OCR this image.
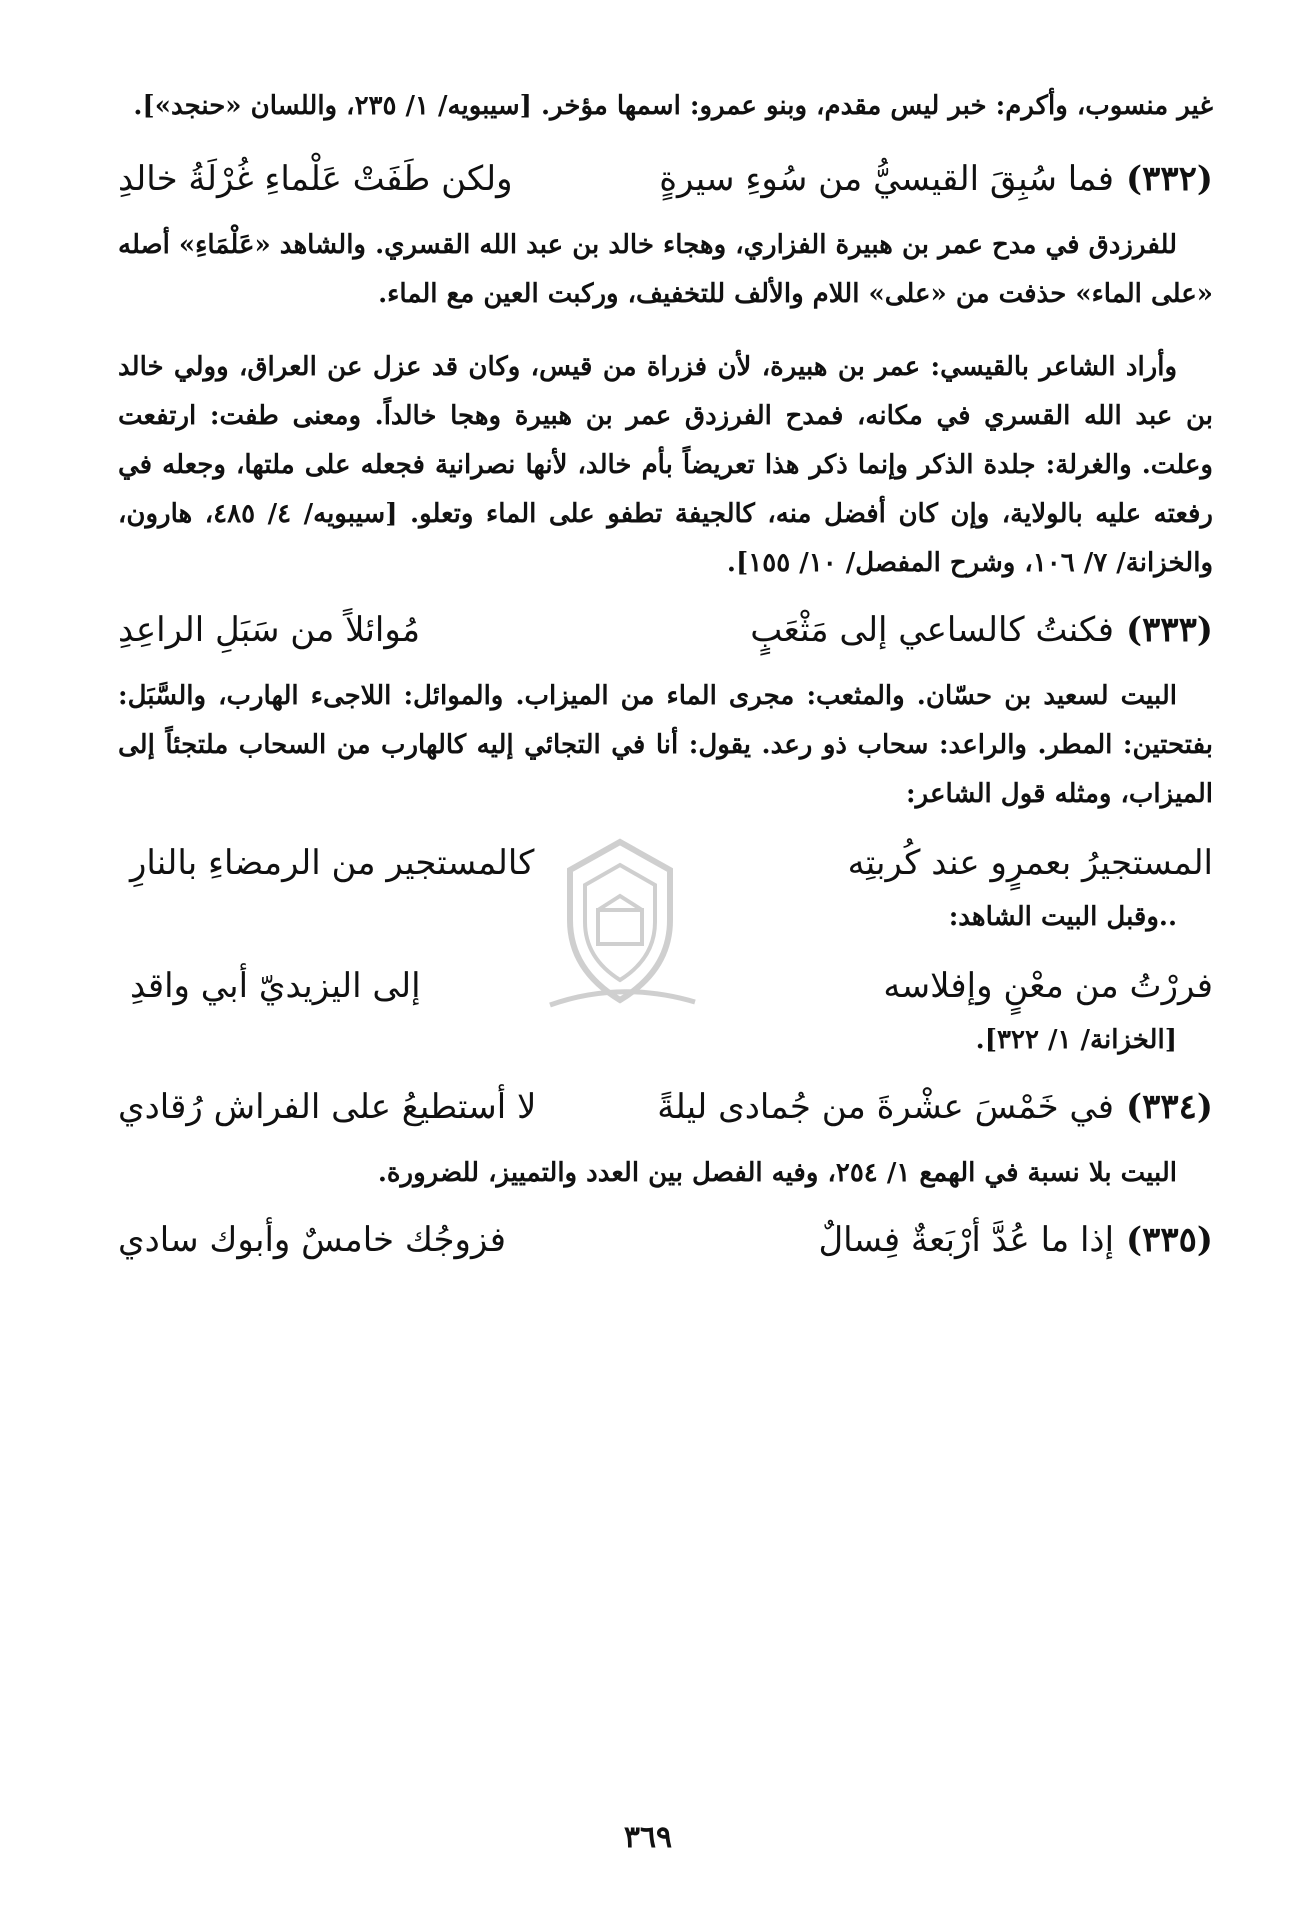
غير منسوب، وأكرم: خبر ليس مقدم، وبنو عمرو: اسمها مؤخر. [سيبويه/ ١/ ٢٣٥، واللسان «حنجد»].

(٣٣٢)
فما سُبِقَ القيسيُّ من سُوءِ سيرةٍ
ولكن طَفَتْ عَلْماءِ غُرْلَةُ خالدِ

للفرزدق في مدح عمر بن هبيرة الفزاري، وهجاء خالد بن عبد الله القسري. والشاهد «عَلْمَاءِ» أصله «على الماء» حذفت من «على» اللام والألف للتخفيف، وركبت العين مع الماء.

وأراد الشاعر بالقيسي: عمر بن هبيرة، لأن فزراة من قيس، وكان قد عزل عن العراق، وولي خالد بن عبد الله القسري في مكانه، فمدح الفرزدق عمر بن هبيرة وهجا خالداً. ومعنى طفت: ارتفعت وعلت. والغرلة: جلدة الذكر وإنما ذكر هذا تعريضاً بأم خالد، لأنها نصرانية فجعله على ملتها، وجعله في رفعته عليه بالولاية، وإن كان أفضل منه، كالجيفة تطفو على الماء وتعلو. [سيبويه/ ٤/ ٤٨٥، هارون، والخزانة/ ٧/ ١٠٦، وشرح المفصل/ ١٠/ ١٥٥].

(٣٣٣)
فكنتُ كالساعي إلى مَثْعَبٍ
مُوائلاً من سَبَلِ الراعِدِ

البيت لسعيد بن حسّان. والمثعب: مجرى الماء من الميزاب. والموائل: اللاجىء الهارب، والسَّبَل: بفتحتين: المطر. والراعد: سحاب ذو رعد. يقول: أنا في التجائي إليه كالهارب من السحاب ملتجئاً إلى الميزاب، ومثله قول الشاعر:

المستجيرُ بعمرٍو عند كُربتِه
كالمستجير من الرمضاءِ بالنارِ

..وقبل البيت الشاهد:

فررْتُ من معْنٍ وإفلاسه
إلى اليزيديّ أبي واقدِ

[الخزانة/ ١/ ٣٢٢].

(٣٣٤)
في خَمْسَ عشْرةَ من جُمادى ليلةً
لا أستطيعُ على الفراش رُقادي

البيت بلا نسبة في الهمع ١/ ٢٥٤، وفيه الفصل بين العدد والتمييز، للضرورة.

(٣٣٥)
إذا ما عُدَّ أرْبَعةٌ فِسالٌ
فزوجُك خامسٌ وأبوك سادي
٣٦٩
